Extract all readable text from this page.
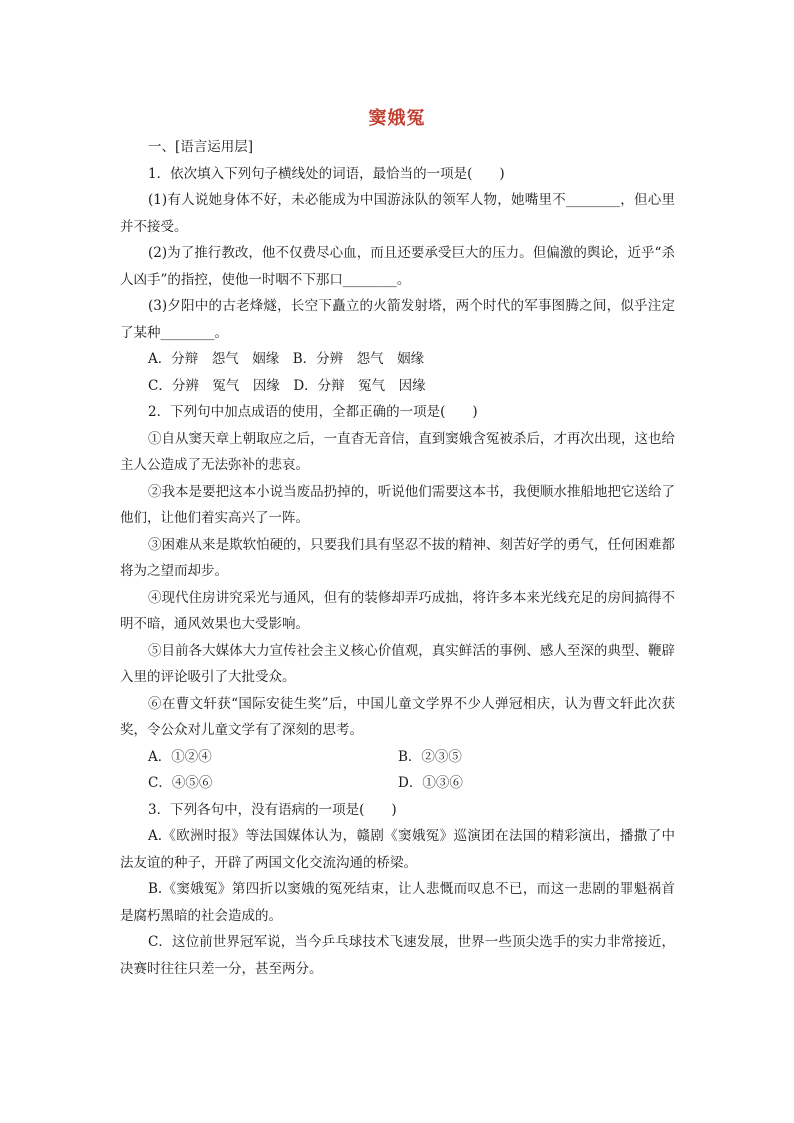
窦娥冤

一、[语言运用层]

1．依次填入下列句子横线处的词语，最恰当的一项是(　　)

(1)有人说她身体不好，未必能成为中国游泳队的领军人物，她嘴里不________，但心里并不接受。

(2)为了推行教改，他不仅费尽心血，而且还要承受巨大的压力。但偏激的舆论，近乎“杀人凶手”的指控，使他一时咽不下那口________。

(3)夕阳中的古老烽燧，长空下矗立的火箭发射塔，两个时代的军事图腾之间，似乎注定了某种________。

A．分辩　怨气　姻缘　B．分辨　怨气　姻缘

C．分辨　冤气　因缘　D．分辩　冤气　因缘

2．下列句中加点成语的使用，全都正确的一项是(　　)

①自从窦天章上朝取应之后，一直杳无音信，直到窦娥含冤被杀后，才再次出现，这也给主人公造成了无法弥补的悲哀。

②我本是要把这本小说当废品扔掉的，听说他们需要这本书，我便顺水推船地把它送给了他们，让他们着实高兴了一阵。

③困难从来是欺软怕硬的，只要我们具有坚忍不拔的精神、刻苦好学的勇气，任何困难都将为之望而却步。

④现代住房讲究采光与通风，但有的装修却弄巧成拙，将许多本来光线充足的房间搞得不明不暗，通风效果也大受影响。

⑤目前各大媒体大力宣传社会主义核心价值观，真实鲜活的事例、感人至深的典型、鞭辟入里的评论吸引了大批受众。

⑥在曹文轩获“国际安徒生奖”后，中国儿童文学界不少人弹冠相庆，认为曹文轩此次获奖，令公众对儿童文学有了深刻的思考。

A．①②④	B．②③⑤
C．④⑤⑥	D．①③⑥

3．下列各句中，没有语病的一项是(　　)

A.《欧洲时报》等法国媒体认为，赣剧《窦娥冤》巡演团在法国的精彩演出，播撒了中法友谊的种子，开辟了两国文化交流沟通的桥梁。

B.《窦娥冤》第四折以窦娥的冤死结束，让人悲慨而叹息不已，而这一悲剧的罪魁祸首是腐朽黑暗的社会造成的。

C．这位前世界冠军说，当今乒乓球技术飞速发展，世界一些顶尖选手的实力非常接近，决赛时往往只差一分，甚至两分。
